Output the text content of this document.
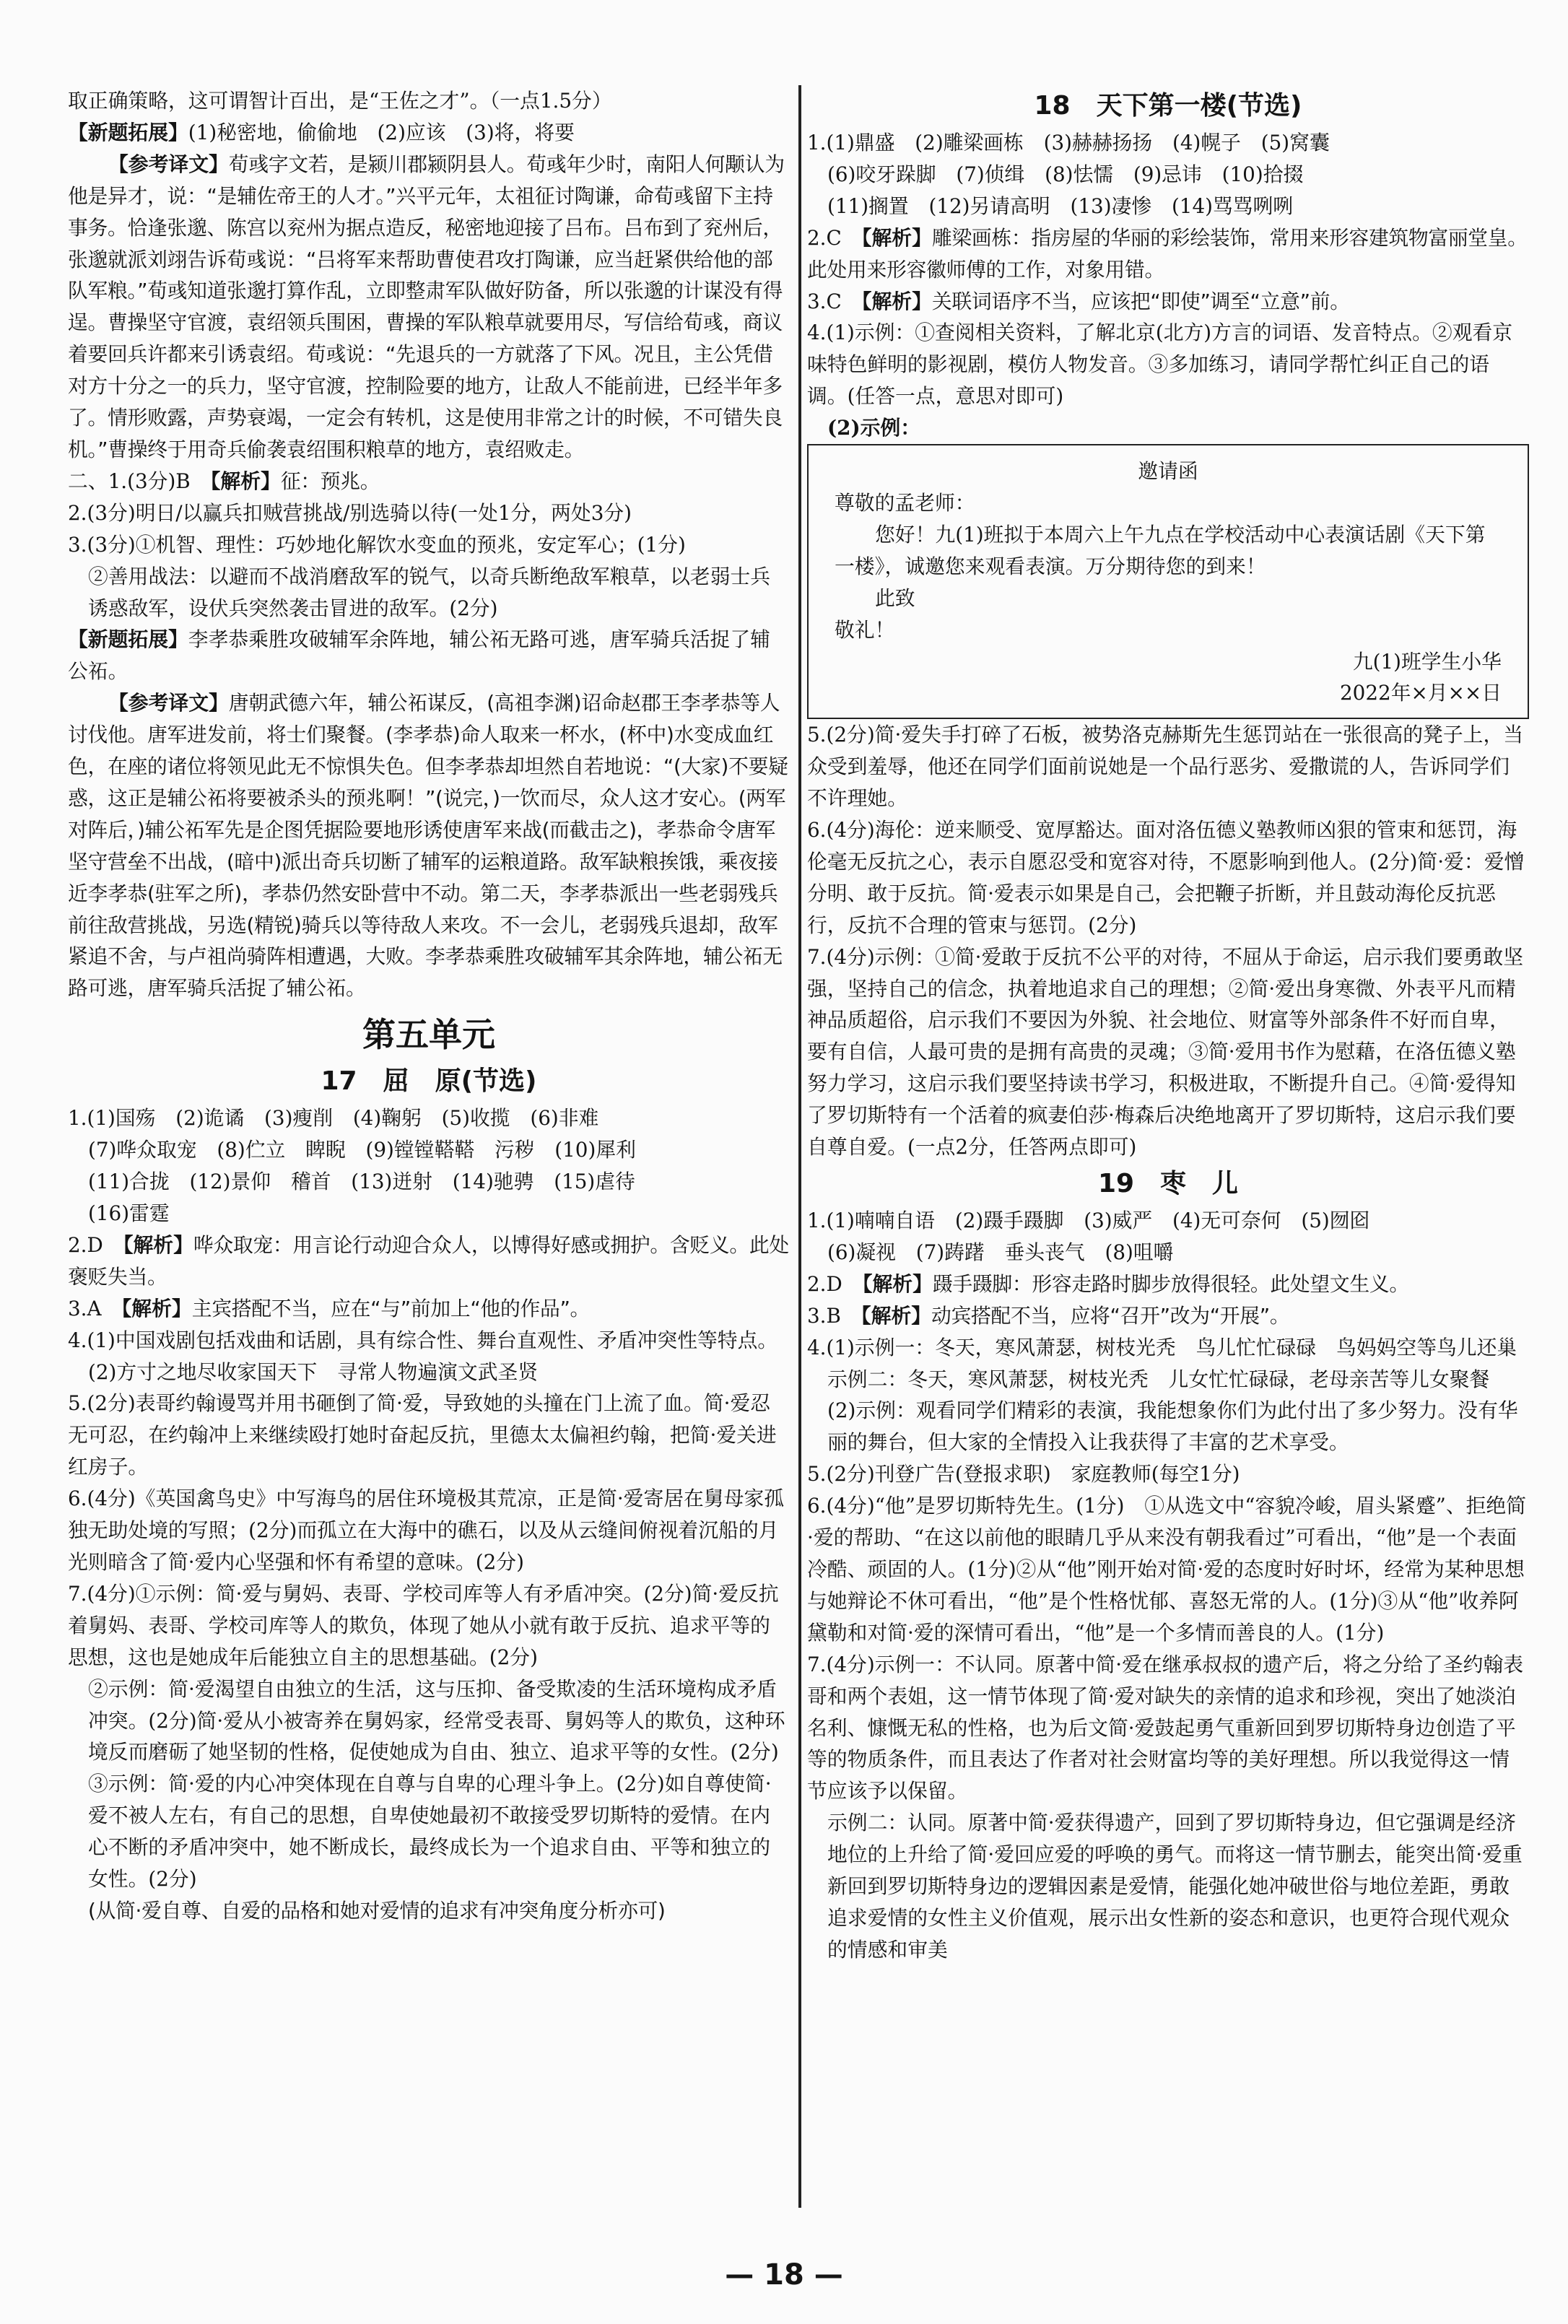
取正确策略，这可谓智计百出，是“王佐之才”。（一点1.5分）

【新题拓展】(1)秘密地，偷偷地　(2)应该　(3)将，将要

【参考译文】荀彧字文若，是颍川郡颍阴县人。荀彧年少时，南阳人何颙认为他是异才，说：“是辅佐帝王的人才。”兴平元年，太祖征讨陶谦，命荀彧留下主持事务。恰逢张邈、陈宫以兖州为据点造反，秘密地迎接了吕布。吕布到了兖州后，张邈就派刘翊告诉荀彧说：“吕将军来帮助曹使君攻打陶谦，应当赶紧供给他的部队军粮。”荀彧知道张邈打算作乱，立即整肃军队做好防备，所以张邈的计谋没有得逞。曹操坚守官渡，袁绍领兵围困，曹操的军队粮草就要用尽，写信给荀彧，商议着要回兵许都来引诱袁绍。荀彧说：“先退兵的一方就落了下风。况且，主公凭借对方十分之一的兵力，坚守官渡，控制险要的地方，让敌人不能前进，已经半年多了。情形败露，声势衰竭，一定会有转机，这是使用非常之计的时候，不可错失良机。”曹操终于用奇兵偷袭袁绍围积粮草的地方，袁绍败走。

二、1.(3分)B　【解析】征：预兆。

2.(3分)明日/以赢兵扣贼营挑战/别选骑以待(一处1分，两处3分)

3.(3分)①机智、理性：巧妙地化解饮水变血的预兆，安定军心；(1分)

②善用战法：以避而不战消磨敌军的锐气，以奇兵断绝敌军粮草，以老弱士兵诱惑敌军，设伏兵突然袭击冒进的敌军。(2分)

【新题拓展】李孝恭乘胜攻破辅军余阵地，辅公祏无路可逃，唐军骑兵活捉了辅公祏。

【参考译文】唐朝武德六年，辅公祏谋反，(高祖李渊)诏命赵郡王李孝恭等人讨伐他。唐军进发前，将士们聚餐。(李孝恭)命人取来一杯水，(杯中)水变成血红色，在座的诸位将领见此无不惊惧失色。但李孝恭却坦然自若地说：“(大家)不要疑惑，这正是辅公祏将要被杀头的预兆啊！”(说完，)一饮而尽，众人这才安心。(两军对阵后，)辅公祏军先是企图凭据险要地形诱使唐军来战(而截击之)，孝恭命令唐军坚守营垒不出战，(暗中)派出奇兵切断了辅军的运粮道路。敌军缺粮挨饿，乘夜接近李孝恭(驻军之所)，孝恭仍然安卧营中不动。第二天，李孝恭派出一些老弱残兵前往敌营挑战，另选(精锐)骑兵以等待敌人来攻。不一会儿，老弱残兵退却，敌军紧追不舍，与卢祖尚骑阵相遭遇，大败。李孝恭乘胜攻破辅军其余阵地，辅公祏无路可逃，唐军骑兵活捉了辅公祏。

第五单元

17　屈　原(节选)

1.(1)国殇　(2)诡谲　(3)瘦削　(4)鞠躬　(5)收揽　(6)非难

(7)哗众取宠　(8)伫立　睥睨　(9)镗镗鞳鞳　污秽　(10)犀利

(11)合拢　(12)景仰　稽首　(13)迸射　(14)驰骋　(15)虐待

(16)雷霆

2.D　【解析】哗众取宠：用言论行动迎合众人，以博得好感或拥护。含贬义。此处褒贬失当。

3.A　【解析】主宾搭配不当，应在“与”前加上“他的作品”。

4.(1)中国戏剧包括戏曲和话剧，具有综合性、舞台直观性、矛盾冲突性等特点。

(2)方寸之地尽收家国天下　寻常人物遍演文武圣贤

5.(2分)表哥约翰谩骂并用书砸倒了简·爱，导致她的头撞在门上流了血。简·爱忍无可忍，在约翰冲上来继续殴打她时奋起反抗，里德太太偏袒约翰，把简·爱关进红房子。

6.(4分)《英国禽鸟史》中写海鸟的居住环境极其荒凉，正是简·爱寄居在舅母家孤独无助处境的写照；(2分)而孤立在大海中的礁石，以及从云缝间俯视着沉船的月光则暗含了简·爱内心坚强和怀有希望的意味。(2分)

7.(4分)①示例：简·爱与舅妈、表哥、学校司库等人有矛盾冲突。(2分)简·爱反抗着舅妈、表哥、学校司库等人的欺负，体现了她从小就有敢于反抗、追求平等的思想，这也是她成年后能独立自主的思想基础。(2分)

②示例：简·爱渴望自由独立的生活，这与压抑、备受欺凌的生活环境构成矛盾冲突。(2分)简·爱从小被寄养在舅妈家，经常受表哥、舅妈等人的欺负，这种环境反而磨砺了她坚韧的性格，促使她成为自由、独立、追求平等的女性。(2分)

③示例：简·爱的内心冲突体现在自尊与自卑的心理斗争上。(2分)如自尊使简·爱不被人左右，有自己的思想，自卑使她最初不敢接受罗切斯特的爱情。在内心不断的矛盾冲突中，她不断成长，最终成长为一个追求自由、平等和独立的女性。(2分)

(从简·爱自尊、自爱的品格和她对爱情的追求有冲突角度分析亦可)

18　天下第一楼(节选)

1.(1)鼎盛　(2)雕梁画栋　(3)赫赫扬扬　(4)幌子　(5)窝囊

(6)咬牙跺脚　(7)侦缉　(8)怯懦　(9)忌讳　(10)拾掇

(11)搁置　(12)另请高明　(13)凄惨　(14)骂骂咧咧

2.C　【解析】雕梁画栋：指房屋的华丽的彩绘装饰，常用来形容建筑物富丽堂皇。此处用来形容徽师傅的工作，对象用错。

3.C　【解析】关联词语序不当，应该把“即使”调至“立意”前。

4.(1)示例：①查阅相关资料，了解北京(北方)方言的词语、发音特点。②观看京味特色鲜明的影视剧，模仿人物发音。③多加练习，请同学帮忙纠正自己的语调。(任答一点，意思对即可)

(2)示例：

邀请函

尊敬的孟老师：

您好！九(1)班拟于本周六上午九点在学校活动中心表演话剧《天下第一楼》，诚邀您来观看表演。万分期待您的到来！

此致

敬礼！

九(1)班学生小华

2022年×月××日

5.(2分)简·爱失手打碎了石板，被势洛克赫斯先生惩罚站在一张很高的凳子上，当众受到羞辱，他还在同学们面前说她是一个品行恶劣、爱撒谎的人，告诉同学们不许理她。

6.(4分)海伦：逆来顺受、宽厚豁达。面对洛伍德义塾教师凶狠的管束和惩罚，海伦毫无反抗之心，表示自愿忍受和宽容对待，不愿影响到他人。(2分)简·爱：爱憎分明、敢于反抗。简·爱表示如果是自己，会把鞭子折断，并且鼓动海伦反抗恶行，反抗不合理的管束与惩罚。(2分)

7.(4分)示例：①简·爱敢于反抗不公平的对待，不屈从于命运，启示我们要勇敢坚强，坚持自己的信念，执着地追求自己的理想；②简·爱出身寒微、外表平凡而精神品质超俗，启示我们不要因为外貌、社会地位、财富等外部条件不好而自卑，要有自信，人最可贵的是拥有高贵的灵魂；③简·爱用书作为慰藉，在洛伍德义塾努力学习，这启示我们要坚持读书学习，积极进取，不断提升自己。④简·爱得知了罗切斯特有一个活着的疯妻伯莎·梅森后决绝地离开了罗切斯特，这启示我们要自尊自爱。(一点2分，任答两点即可)

19　枣　儿

1.(1)喃喃自语　(2)蹑手蹑脚　(3)威严　(4)无可奈何　(5)囫囵

(6)凝视　(7)踌躇　垂头丧气　(8)咀嚼

2.D　【解析】蹑手蹑脚：形容走路时脚步放得很轻。此处望文生义。

3.B　【解析】动宾搭配不当，应将“召开”改为“开展”。

4.(1)示例一：冬天，寒风萧瑟，树枝光秃　鸟儿忙忙碌碌　鸟妈妈空等鸟儿还巢

示例二：冬天，寒风萧瑟，树枝光秃　儿女忙忙碌碌，老母亲苦等儿女聚餐

(2)示例：观看同学们精彩的表演，我能想象你们为此付出了多少努力。没有华丽的舞台，但大家的全情投入让我获得了丰富的艺术享受。

5.(2分)刊登广告(登报求职)　家庭教师(每空1分)

6.(4分)“他”是罗切斯特先生。(1分)　①从选文中“容貌冷峻，眉头紧蹙”、拒绝简·爱的帮助、“在这以前他的眼睛几乎从来没有朝我看过”可看出，“他”是一个表面冷酷、顽固的人。(1分)②从“他”刚开始对简·爱的态度时好时坏，经常为某种思想与她辩论不休可看出，“他”是个性格忧郁、喜怒无常的人。(1分)③从“他”收养阿黛勒和对简·爱的深情可看出，“他”是一个多情而善良的人。(1分)

7.(4分)示例一：不认同。原著中简·爱在继承叔叔的遗产后，将之分给了圣约翰表哥和两个表姐，这一情节体现了简·爱对缺失的亲情的追求和珍视，突出了她淡泊名利、慷慨无私的性格，也为后文简·爱鼓起勇气重新回到罗切斯特身边创造了平等的物质条件，而且表达了作者对社会财富均等的美好理想。所以我觉得这一情节应该予以保留。

示例二：认同。原著中简·爱获得遗产，回到了罗切斯特身边，但它强调是经济地位的上升给了简·爱回应爱的呼唤的勇气。而将这一情节删去，能突出简·爱重新回到罗切斯特身边的逻辑因素是爱情，能强化她冲破世俗与地位差距，勇敢追求爱情的女性主义价值观，展示出女性新的姿态和意识，也更符合现代观众的情感和审美

— 18 —
